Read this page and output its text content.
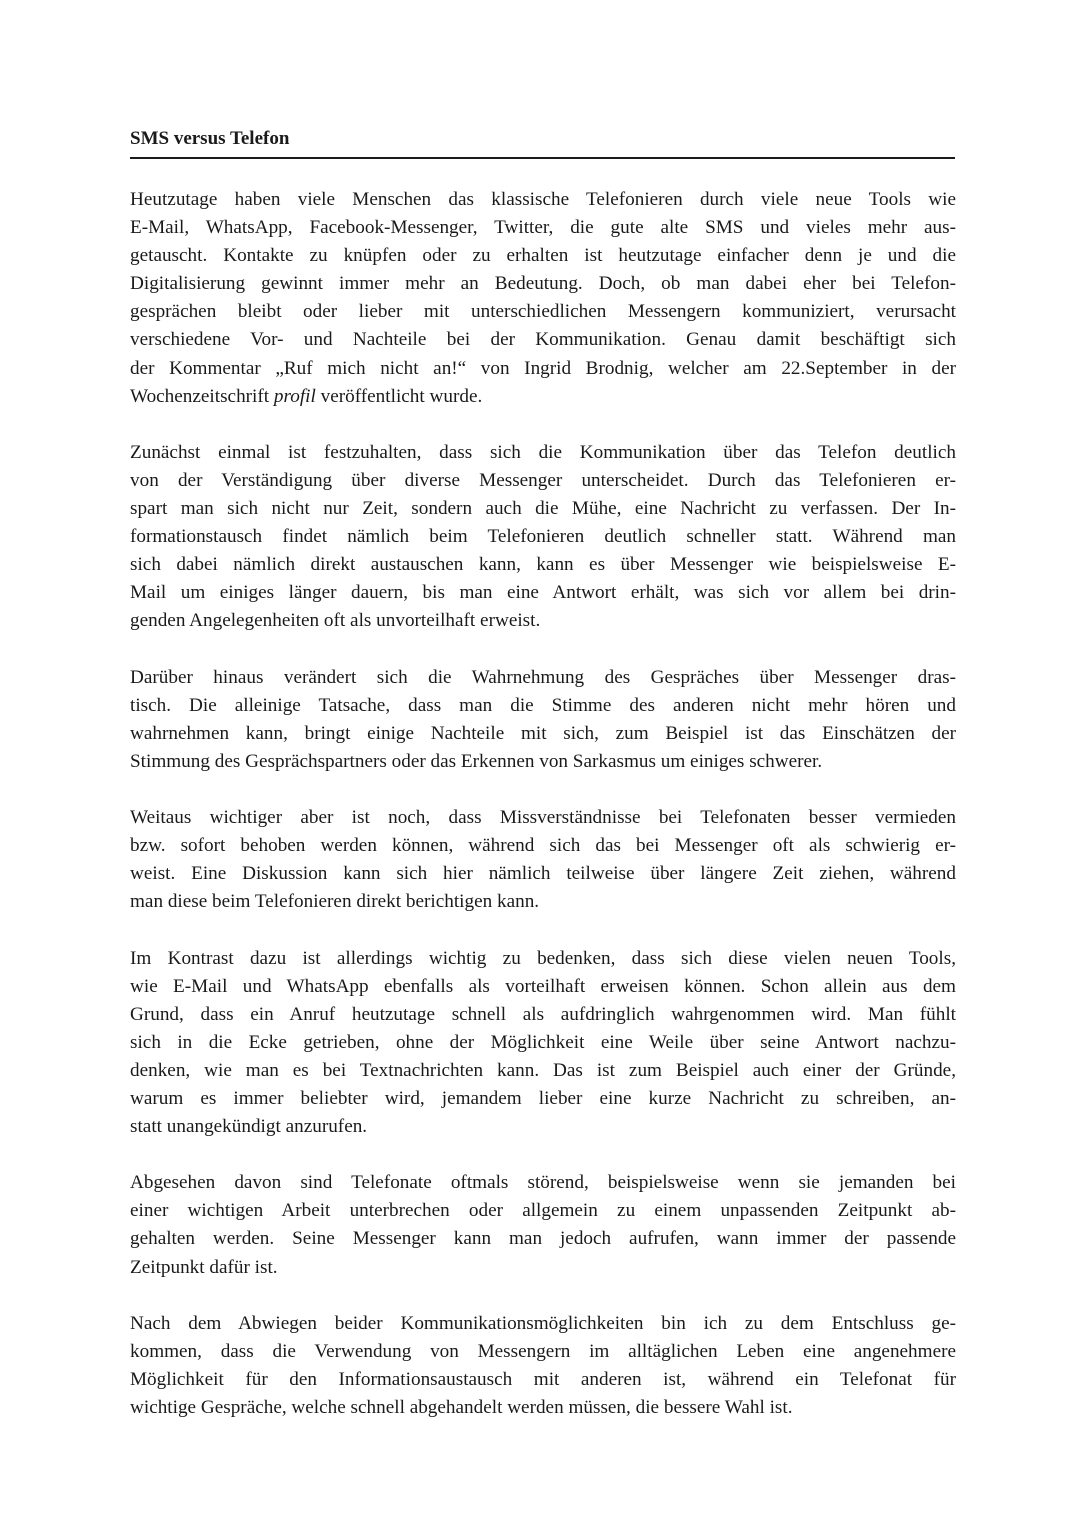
SMS versus Telefon

Heutzutage haben viele Menschen das klassische Telefonieren durch viele neue Tools wie
E-Mail, WhatsApp, Facebook-Messenger, Twitter, die gute alte SMS und vieles mehr aus-
getauscht. Kontakte zu knüpfen oder zu erhalten ist heutzutage einfacher denn je und die
Digitalisierung gewinnt immer mehr an Bedeutung. Doch, ob man dabei eher bei Telefon-
gesprächen bleibt oder lieber mit unterschiedlichen Messengern kommuniziert, verursacht
verschiedene Vor- und Nachteile bei der Kommunikation. Genau damit beschäftigt sich
der Kommentar „Ruf mich nicht an!“ von Ingrid Brodnig, welcher am 22.September in der
Wochenzeitschrift profil veröffentlicht wurde.

Zunächst einmal ist festzuhalten, dass sich die Kommunikation über das Telefon deutlich
von der Verständigung über diverse Messenger unterscheidet. Durch das Telefonieren er-
spart man sich nicht nur Zeit, sondern auch die Mühe, eine Nachricht zu verfassen. Der In-
formationstausch findet nämlich beim Telefonieren deutlich schneller statt. Während man
sich dabei nämlich direkt austauschen kann, kann es über Messenger wie beispielsweise E-
Mail um einiges länger dauern, bis man eine Antwort erhält, was sich vor allem bei drin-
genden Angelegenheiten oft als unvorteilhaft erweist.

Darüber hinaus verändert sich die Wahrnehmung des Gespräches über Messenger dras-
tisch. Die alleinige Tatsache, dass man die Stimme des anderen nicht mehr hören und
wahrnehmen kann, bringt einige Nachteile mit sich, zum Beispiel ist das Einschätzen der
Stimmung des Gesprächspartners oder das Erkennen von Sarkasmus um einiges schwerer.

Weitaus wichtiger aber ist noch, dass Missverständnisse bei Telefonaten besser vermieden
bzw. sofort behoben werden können, während sich das bei Messenger oft als schwierig er-
weist. Eine Diskussion kann sich hier nämlich teilweise über längere Zeit ziehen, während
man diese beim Telefonieren direkt berichtigen kann.

Im Kontrast dazu ist allerdings wichtig zu bedenken, dass sich diese vielen neuen Tools,
wie E-Mail und WhatsApp ebenfalls als vorteilhaft erweisen können. Schon allein aus dem
Grund, dass ein Anruf heutzutage schnell als aufdringlich wahrgenommen wird. Man fühlt
sich in die Ecke getrieben, ohne der Möglichkeit eine Weile über seine Antwort nachzu-
denken, wie man es bei Textnachrichten kann. Das ist zum Beispiel auch einer der Gründe,
warum es immer beliebter wird, jemandem lieber eine kurze Nachricht zu schreiben, an-
statt unangekündigt anzurufen.

Abgesehen davon sind Telefonate oftmals störend, beispielsweise wenn sie jemanden bei
einer wichtigen Arbeit unterbrechen oder allgemein zu einem unpassenden Zeitpunkt ab-
gehalten werden. Seine Messenger kann man jedoch aufrufen, wann immer der passende
Zeitpunkt dafür ist.

Nach dem Abwiegen beider Kommunikationsmöglichkeiten bin ich zu dem Entschluss ge-
kommen, dass die Verwendung von Messengern im alltäglichen Leben eine angenehmere
Möglichkeit für den Informationsaustausch mit anderen ist, während ein Telefonat für
wichtige Gespräche, welche schnell abgehandelt werden müssen, die bessere Wahl ist.
